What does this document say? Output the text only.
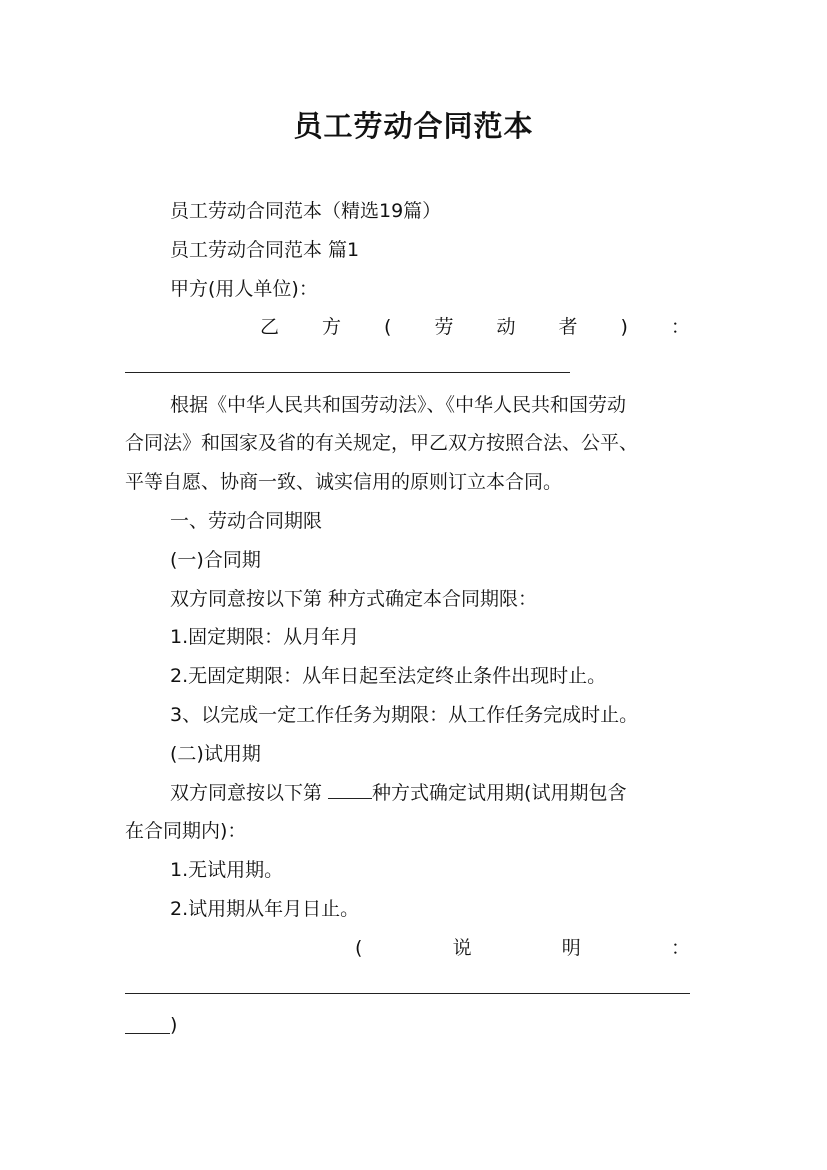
员工劳动合同范本
员工劳动合同范本（精选19篇）
员工劳动合同范本 篇1
甲方(用人单位)：
乙 方 ( 劳 动 者 ) ：
根据《中华人民共和国劳动法》、《中华人民共和国劳动
合同法》和国家及省的有关规定，甲乙双方按照合法、公平、
平等自愿、协商一致、诚实信用的原则订立本合同。
一、劳动合同期限
(一)合同期
双方同意按以下第 种方式确定本合同期限：
1.固定期限：从月年月
2.无固定期限：从年日起至法定终止条件出现时止。
3、以完成一定工作任务为期限：从工作任务完成时止。
(二)试用期
双方同意按以下第 种方式确定试用期(试用期包含
在合同期内)：
1.无试用期。
2.试用期从年月日止。
(	说	明	：
)
